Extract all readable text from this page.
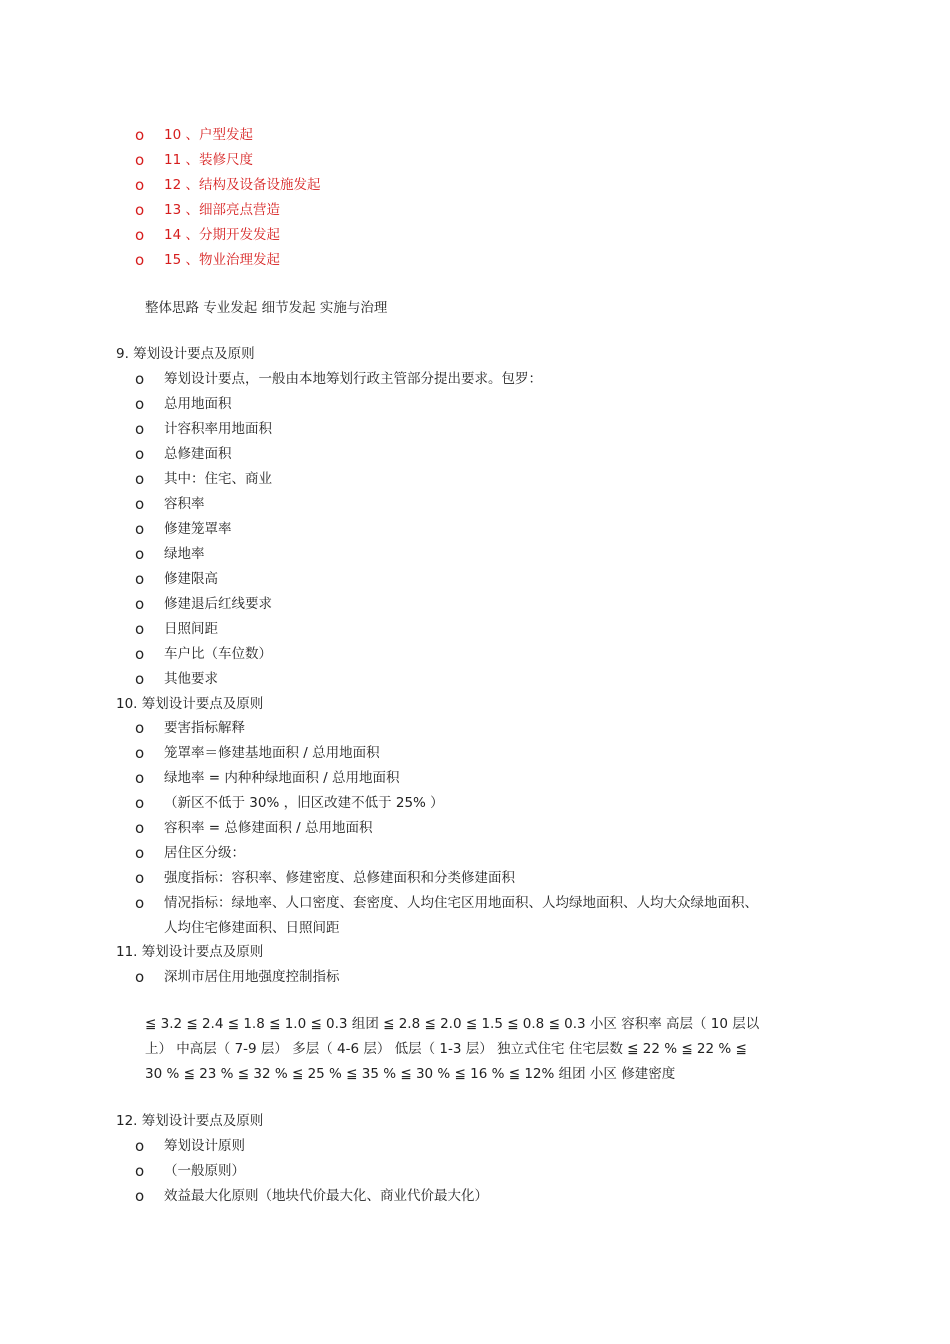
o 10 、户型发起
o 11 、装修尺度
o 12 、结构及设备设施发起
o 13 、细部亮点营造
o 14 、分期开发发起
o 15 、物业治理发起
整体思路 专业发起 细节发起 实施与治理
9. 筹划设计要点及原则
o 筹划设计要点，一般由本地筹划行政主管部分提出要求。包罗：
o 总用地面积
o 计容积率用地面积
o 总修建面积
o 其中：住宅、商业
o 容积率
o 修建笼罩率
o 绿地率
o 修建限高
o 修建退后红线要求
o 日照间距
o 车户比（车位数）
o 其他要求
10. 筹划设计要点及原则
o 要害指标解释
o 笼罩率＝修建基地面积 / 总用地面积
o 绿地率 = 内种种绿地面积 / 总用地面积
o （新区不低于 30% ，旧区改建不低于 25% ）
o 容积率 = 总修建面积 / 总用地面积
o 居住区分级：
o 强度指标：容积率、修建密度、总修建面积和分类修建面积
o 情况指标：绿地率、人口密度、套密度、人均住宅区用地面积、人均绿地面积、人均大众绿地面积、
人均住宅修建面积、日照间距
11. 筹划设计要点及原则
o 深圳市居住用地强度控制指标
≦ 3.2 ≦ 2.4 ≦ 1.8 ≦ 1.0 ≦ 0.3 组团 ≦ 2.8 ≦ 2.0 ≦ 1.5 ≦ 0.8 ≦ 0.3 小区 容积率 高层（ 10 层以
上） 中高层（ 7-9 层） 多层（ 4-6 层） 低层（ 1-3 层） 独立式住宅 住宅层数 ≦ 22 % ≦ 22 % ≦
30 % ≦ 23 % ≦ 32 % ≦ 25 % ≦ 35 % ≦ 30 % ≦ 16 % ≦ 12% 组团 小区 修建密度
12. 筹划设计要点及原则
o 筹划设计原则
o （一般原则）
o 效益最大化原则（地块代价最大化、商业代价最大化）
